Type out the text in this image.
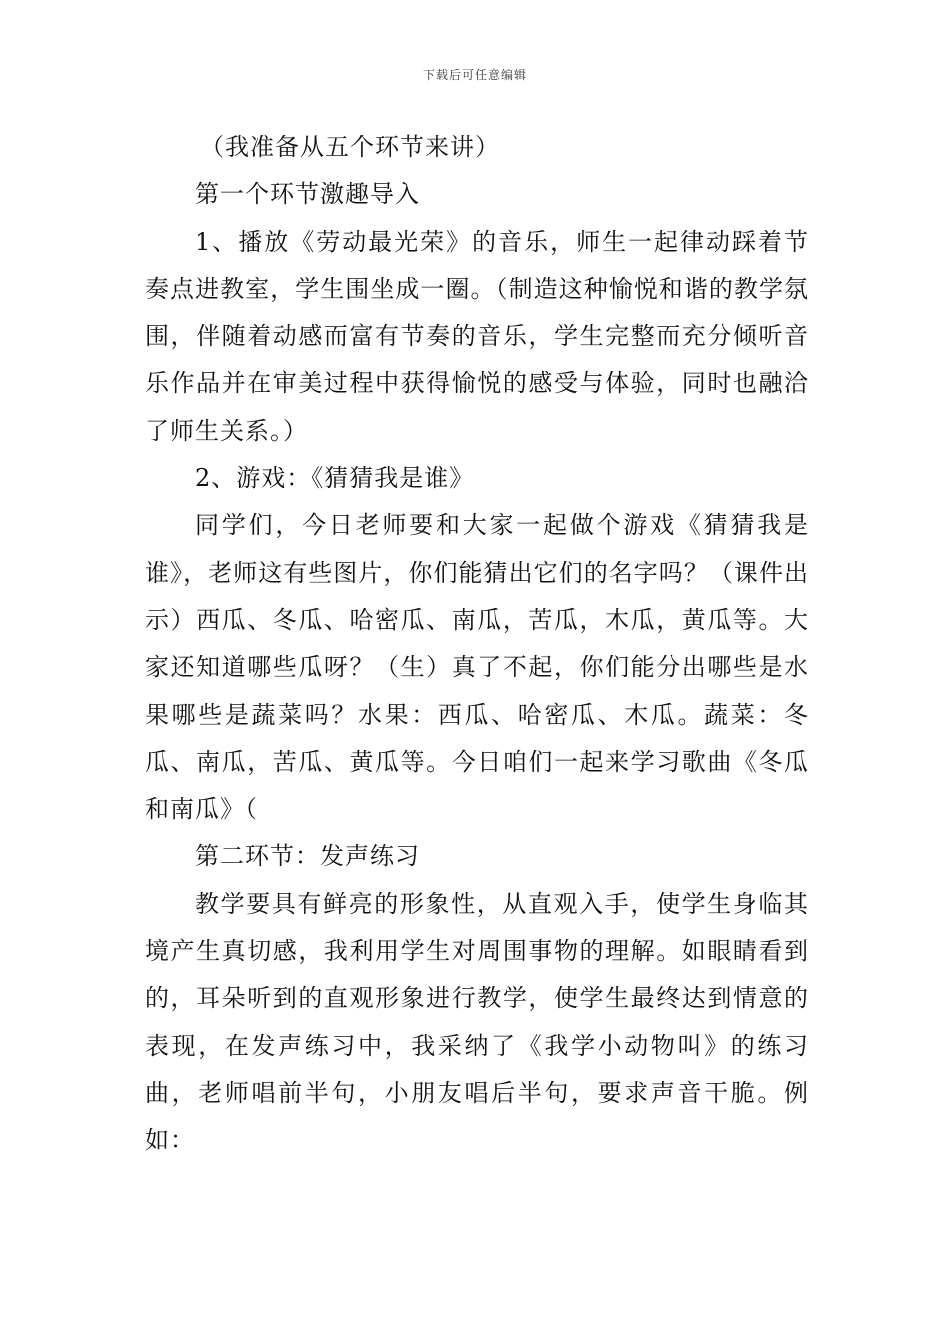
下载后可任意编辑

（我准备从五个环节来讲）

第一个环节激趣导入

1、播放《劳动最光荣》的音乐，师生一起律动踩着节奏点进教室，学生围坐成一圈。（制造这种愉悦和谐的教学氛围，伴随着动感而富有节奏的音乐，学生完整而充分倾听音乐作品并在审美过程中获得愉悦的感受与体验，同时也融洽了师生关系。）

2、游戏：《猜猜我是谁》

同学们，今日老师要和大家一起做个游戏《猜猜我是谁》，老师这有些图片，你们能猜出它们的名字吗？（课件出示）西瓜、冬瓜、哈密瓜、南瓜，苦瓜，木瓜，黄瓜等。大家还知道哪些瓜呀？（生）真了不起，你们能分出哪些是水果哪些是蔬菜吗？水果：西瓜、哈密瓜、木瓜。蔬菜：冬瓜、南瓜，苦瓜、黄瓜等。今日咱们一起来学习歌曲《冬瓜和南瓜》（

第二环节：发声练习

教学要具有鲜亮的形象性，从直观入手，使学生身临其境产生真切感，我利用学生对周围事物的理解。如眼睛看到的，耳朵听到的直观形象进行教学，使学生最终达到情意的表现，在发声练习中，我采纳了《我学小动物叫》的练习曲，老师唱前半句，小朋友唱后半句，要求声音干脆。例如：
